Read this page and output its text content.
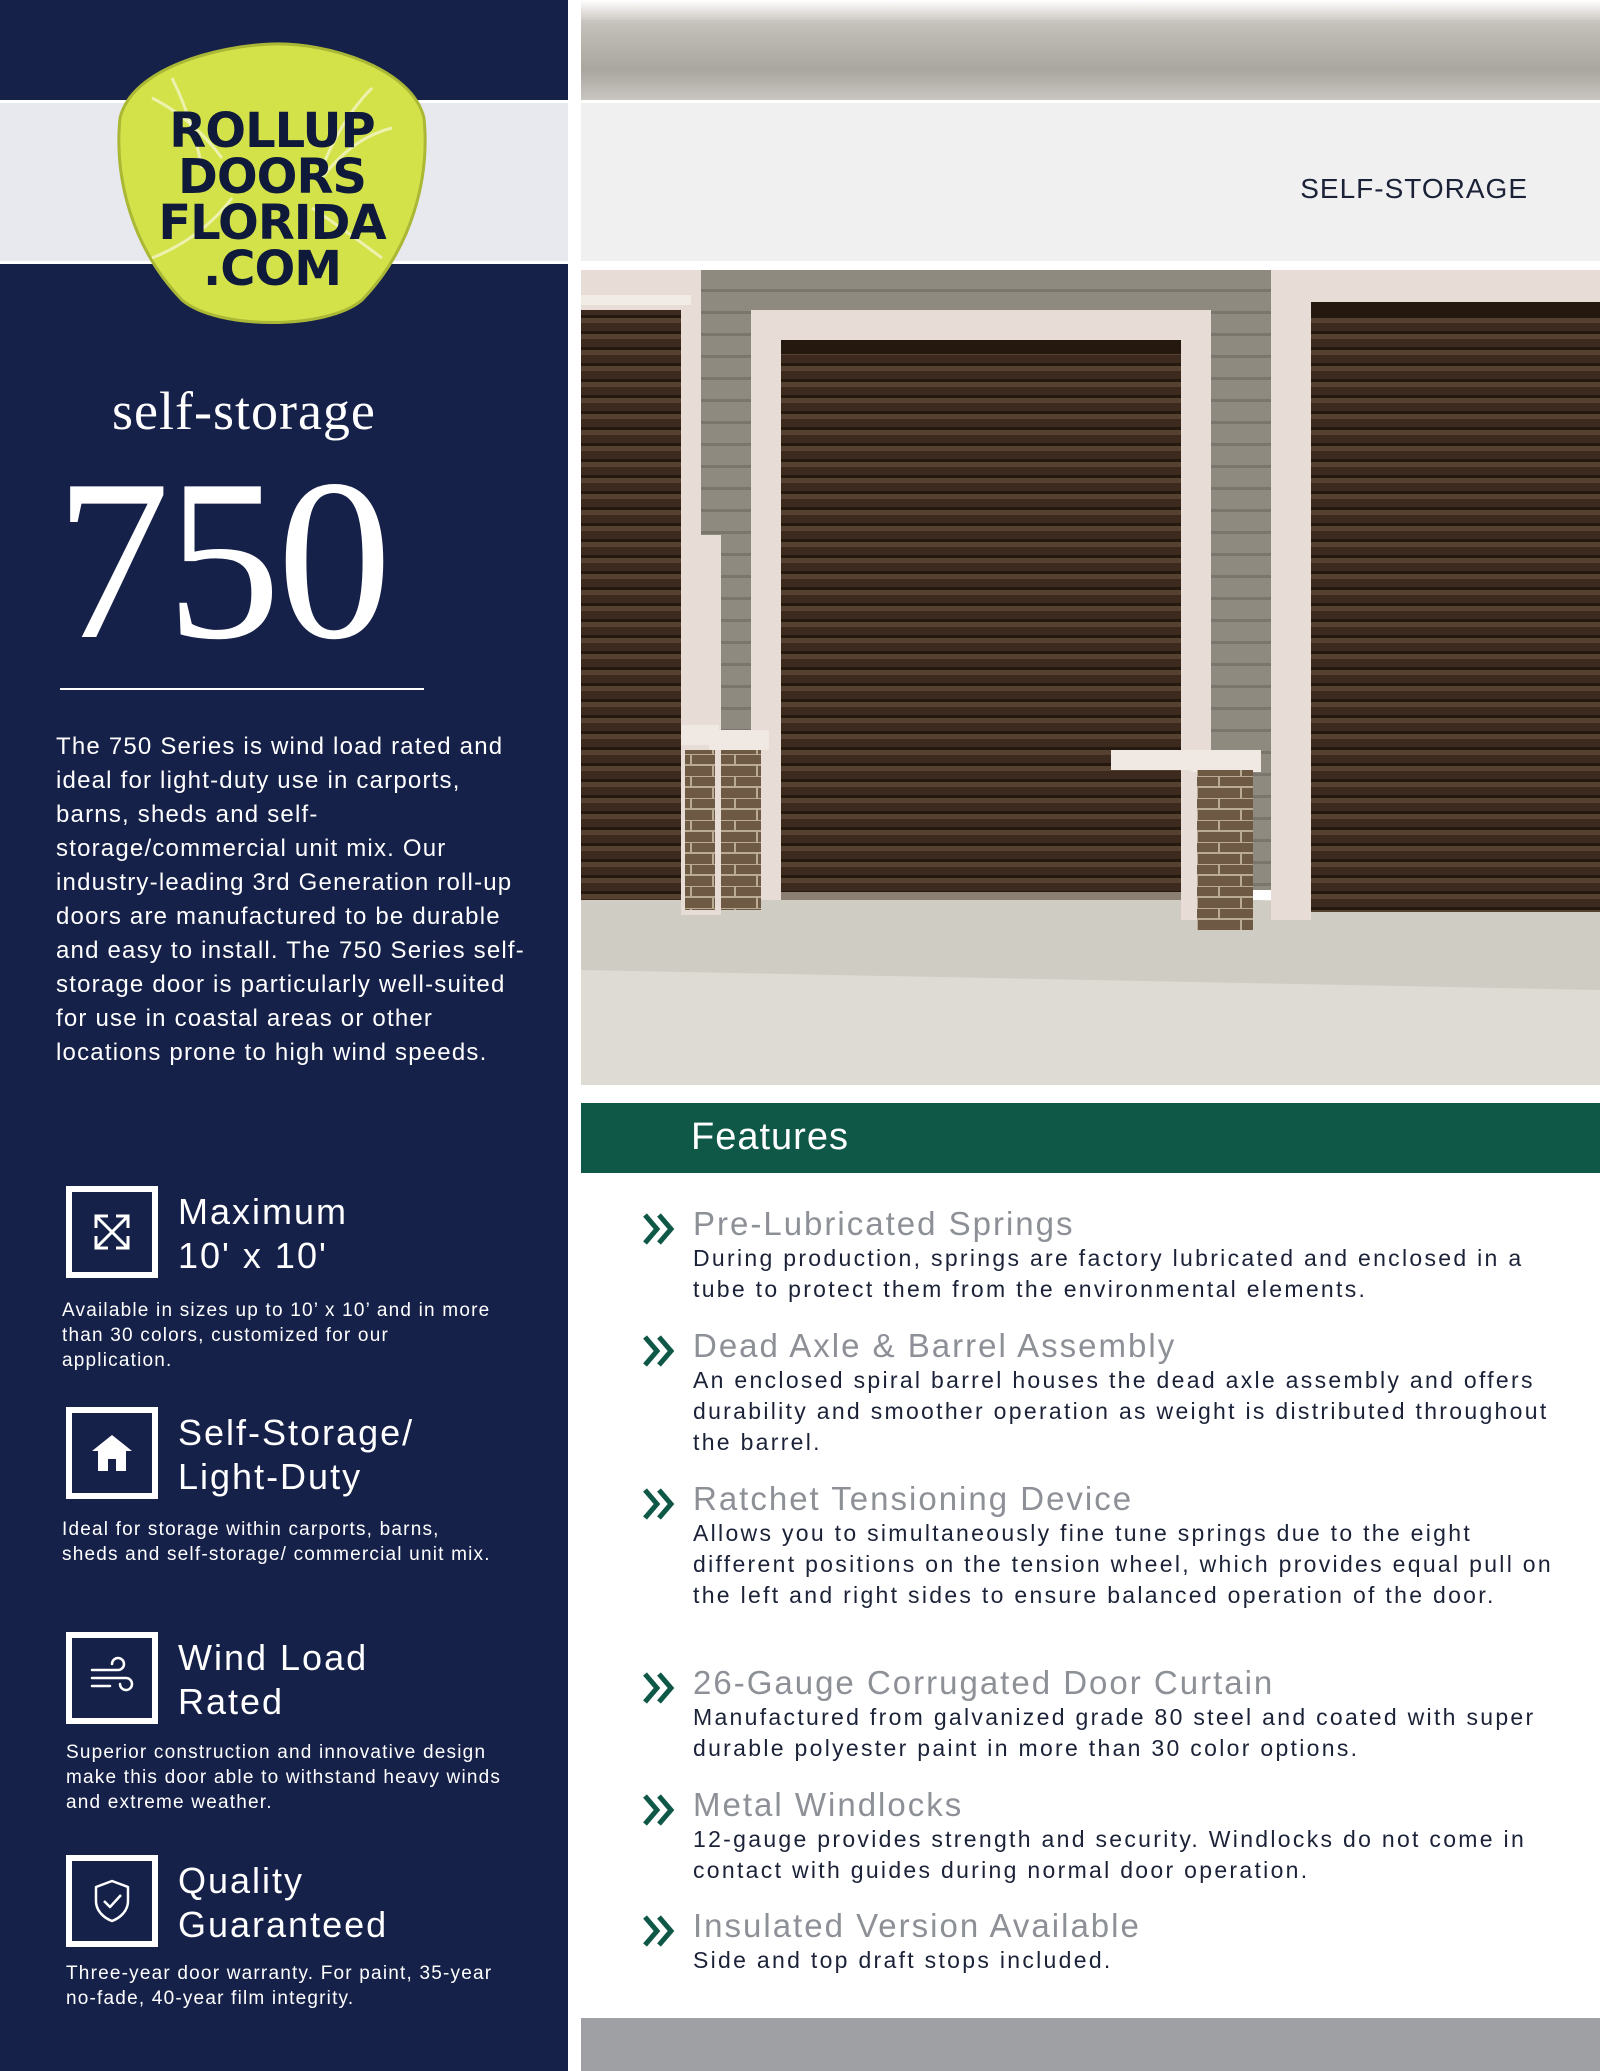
ROLLUP
DOORS
FLORIDA
.COM
self-storage
750
The 750 Series is wind load rated and ideal for light-duty use in carports, barns, sheds and self-storage/commercial unit mix. Our industry-leading 3rd Generation roll-up doors are manufactured to be durable and easy to install. The 750 Series self-storage door is particularly well-suited for use in coastal areas or other locations prone to high wind speeds.
Maximum
10' x 10'
Available in sizes up to 10’ x 10’ and in more than 30 colors, customized for our application.
Self-Storage/
Light-Duty
Ideal for storage within carports, barns, sheds and self-storage/ commercial unit mix.
Wind Load
Rated
Superior construction and innovative design make this door able to withstand heavy winds and extreme weather.
Quality
Guaranteed
Three-year door warranty. For paint, 35-year no-fade, 40-year film integrity.
SELF-STORAGE
Features
Pre-Lubricated Springs
During production, springs are factory lubricated and enclosed in a tube to protect them from the environmental elements.
Dead Axle & Barrel Assembly
An enclosed spiral barrel houses the dead axle assembly and offers durability and smoother operation as weight is distributed throughout the barrel.
Ratchet Tensioning Device
Allows you to simultaneously fine tune springs due to the eight different positions on the tension wheel, which provides equal pull on the left and right sides to ensure balanced operation of the door.
26-Gauge Corrugated Door Curtain
Manufactured from galvanized grade 80 steel and coated with super durable polyester paint in more than 30 color options.
Metal Windlocks
12-gauge provides strength and security. Windlocks do not come in contact with guides during normal door operation.
Insulated Version Available
Side and top draft stops included.
